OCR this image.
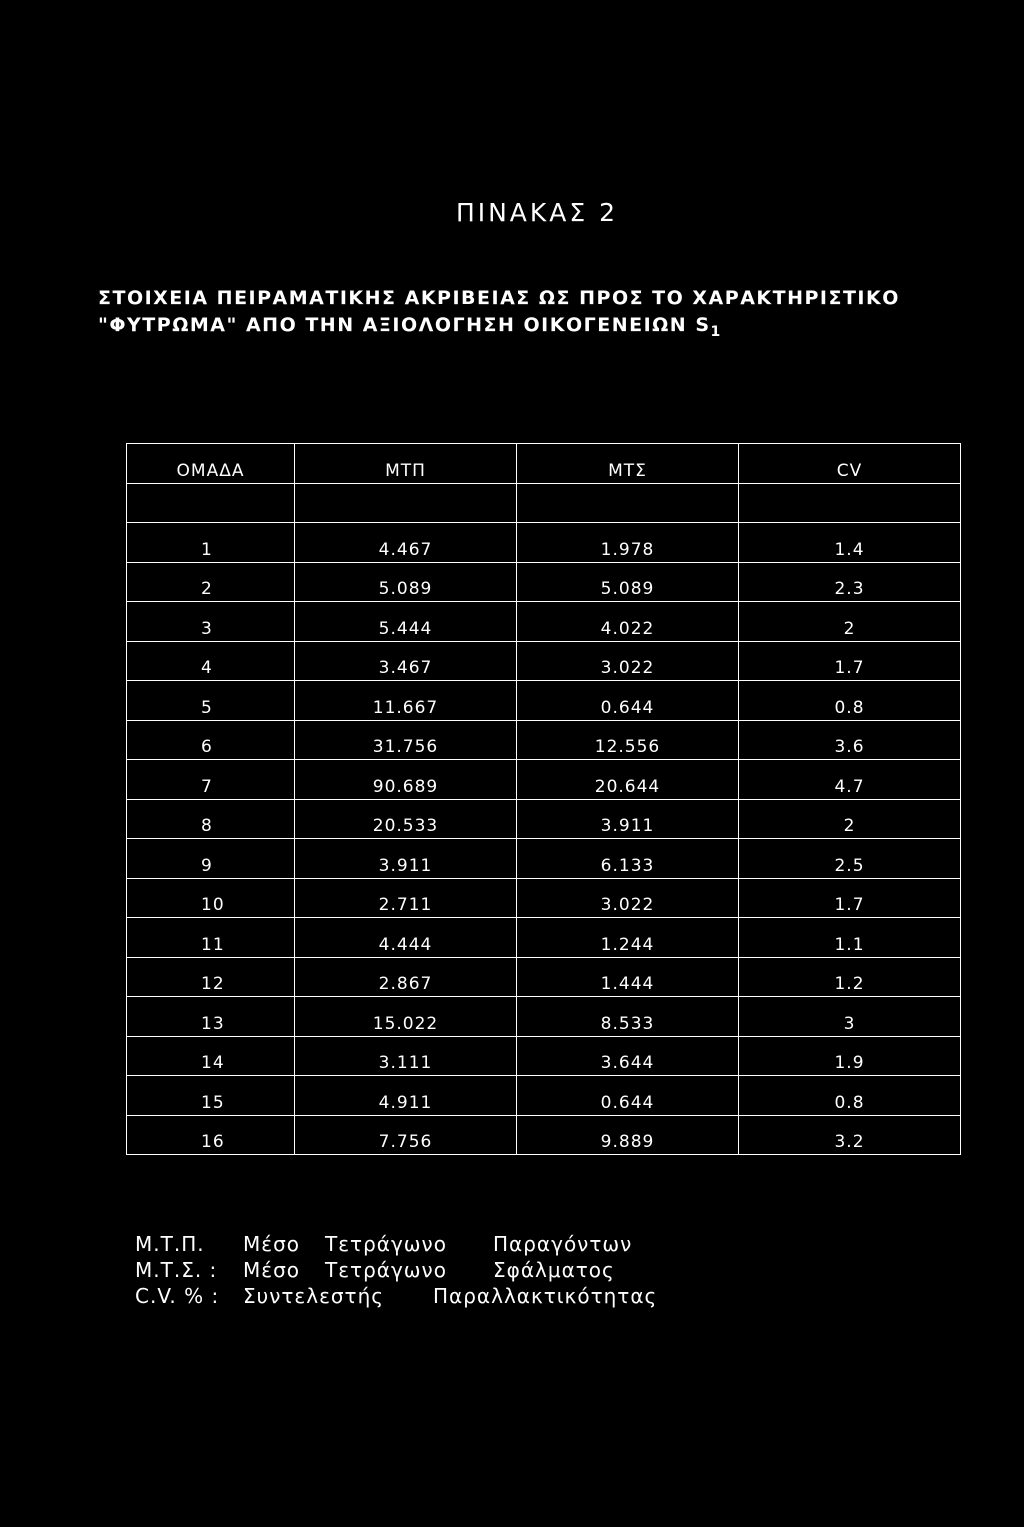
ΠΙΝΑΚΑΣ 2
ΣΤΟΙΧΕΙΑ ΠΕΙΡΑΜΑΤΙΚΗΣ ΑΚΡΙΒΕΙΑΣ ΩΣ ΠΡΟΣ ΤΟ ΧΑΡΑΚΤΗΡΙΣΤΙΚΟ
"ΦΥΤΡΩΜΑ" ΑΠΟ ΤΗΝ ΑΞΙΟΛΟΓΗΣΗ ΟΙΚΟΓΕΝΕΙΩΝ $S_1$
ΟΜΑΔΑ	ΜΤΠ	ΜΤΣ	CV

1	4.467	1.978	1.4
2	5.089	5.089	2.3
3	5.444	4.022	2
4	3.467	3.022	1.7
5	11.667	0.644	0.8
6	31.756	12.556	3.6
7	90.689	20.644	4.7
8	20.533	3.911	2
9	3.911	6.133	2.5
10	2.711	3.022	1.7
11	4.444	1.244	1.1
12	2.867	1.444	1.2
13	15.022	8.533	3
14	3.111	3.644	1.9
15	4.911	0.644	0.8
16	7.756	9.889	3.2
Μ.Τ.Π. Μέσο Τετράγωνο Παραγόντων
Μ.Τ.Σ. : Μέσο Τετράγωνο Σφάλματος
C.V. % : Συντελεστής Παραλλακτικότητας
